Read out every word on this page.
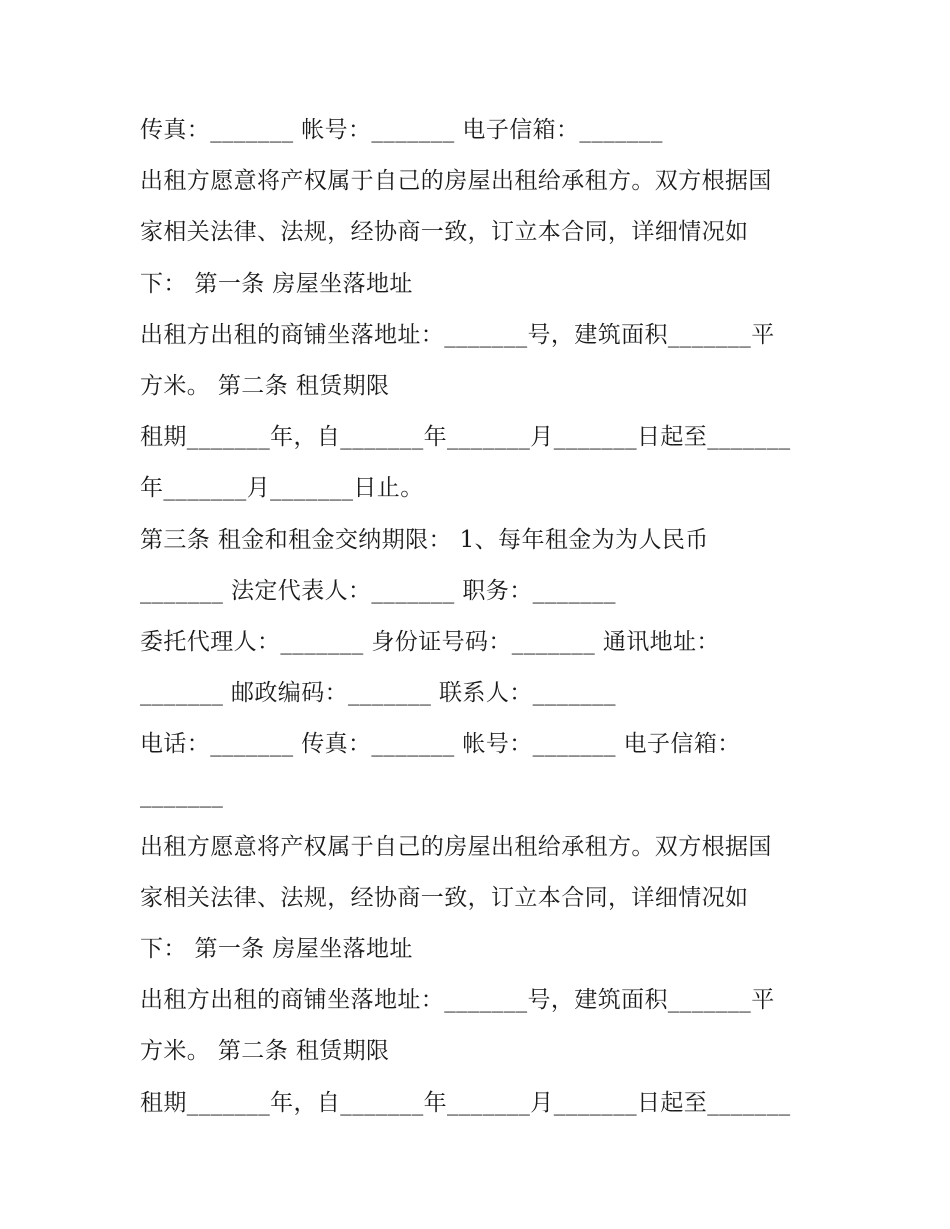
传真：_______ 帐号：_______ 电子信箱：_______
出租方愿意将产权属于自己的房屋出租给承租方。双方根据国
家相关法律、法规，经协商一致，订立本合同，详细情况如
下： 第一条 房屋坐落地址
出租方出租的商铺坐落地址：_______号，建筑面积_______平
方米。 第二条 租赁期限
租期_______年，自_______年_______月_______日起至_______
年_______月_______日止。
第三条 租金和租金交纳期限： 1、每年租金为为人民币
_______ 法定代表人：_______ 职务：_______
委托代理人：_______ 身份证号码：_______ 通讯地址：
_______ 邮政编码：_______ 联系人：_______
电话：_______ 传真：_______ 帐号：_______ 电子信箱：
_______
出租方愿意将产权属于自己的房屋出租给承租方。双方根据国
家相关法律、法规，经协商一致，订立本合同，详细情况如
下： 第一条 房屋坐落地址
出租方出租的商铺坐落地址：_______号，建筑面积_______平
方米。 第二条 租赁期限
租期_______年，自_______年_______月_______日起至_______
